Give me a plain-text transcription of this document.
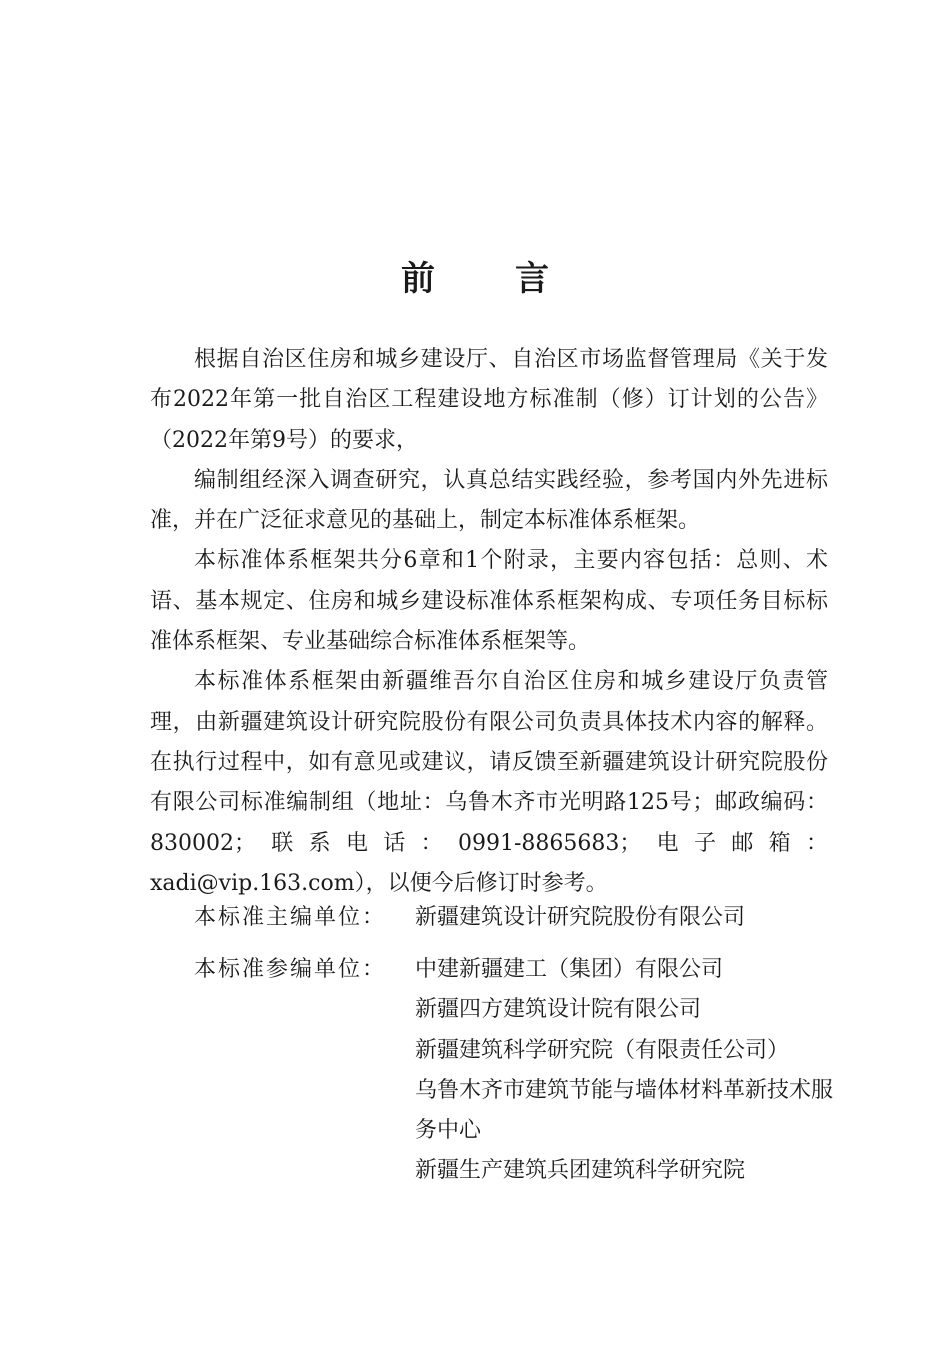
前言

根据自治区住房和城乡建设厅、自治区市场监督管理局《关于发布2022年第一批自治区工程建设地方标准制（修）订计划的公告》（2022年第9号）的要求，

编制组经深入调查研究，认真总结实践经验，参考国内外先进标准，并在广泛征求意见的基础上，制定本标准体系框架。

本标准体系框架共分6章和1个附录，主要内容包括：总则、术语、基本规定、住房和城乡建设标准体系框架构成、专项任务目标标准体系框架、专业基础综合标准体系框架等。

本标准体系框架由新疆维吾尔自治区住房和城乡建设厅负责管理，由新疆建筑设计研究院股份有限公司负责具体技术内容的解释。在执行过程中，如有意见或建议，请反馈至新疆建筑设计研究院股份有限公司标准编制组（地址：乌鲁木齐市光明路125号；邮政编码：830002；联系电话：0991-8865683；电子邮箱：xadi@vip.163.com），以便今后修订时参考。

本标准主编单位：	新疆建筑设计研究院股份有限公司
本标准参编单位：	中建新疆建工（集团）有限公司
新疆四方建筑设计院有限公司
新疆建筑科学研究院（有限责任公司）
乌鲁木齐市建筑节能与墙体材料革新技术服务中心
新疆生产建筑兵团建筑科学研究院
